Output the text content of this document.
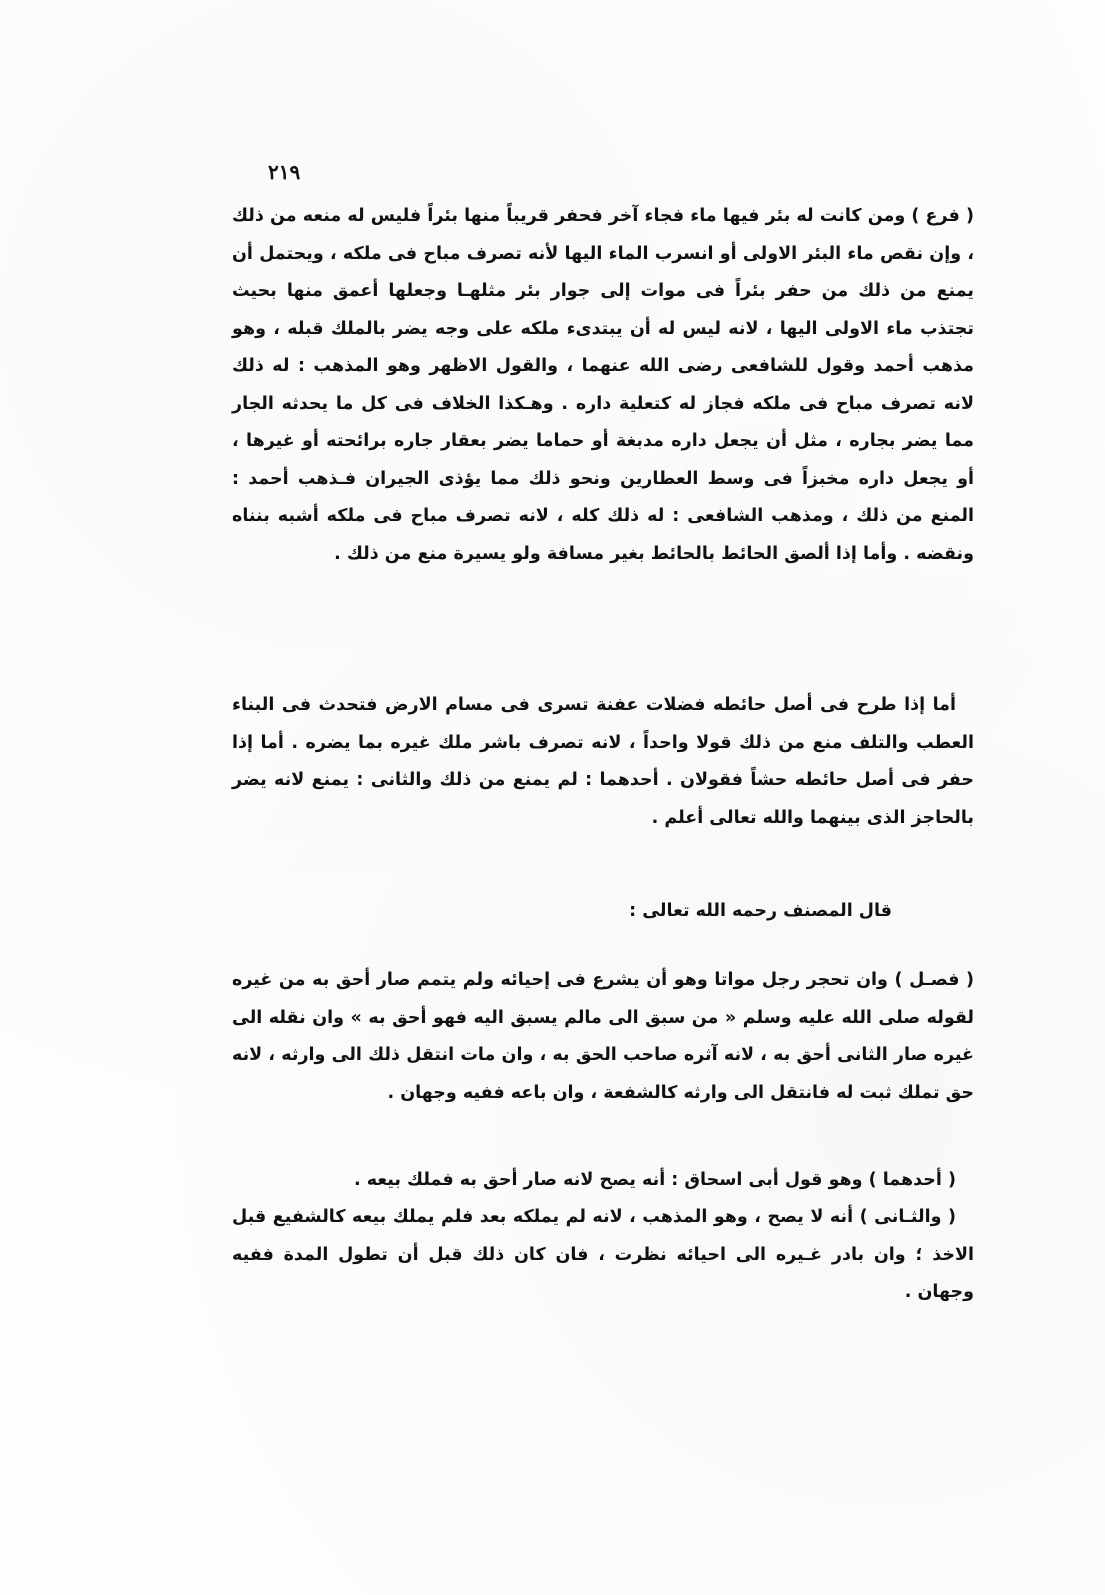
٢١٩

( فرع ) ومن كانت له بئر فيها ماء فجاء آخر فحفر قريباً منها بئراً فليس له منعه من ذلك ، وإن نقص ماء البئر الاولى أو انسرب الماء اليها لأنه تصرف مباح فى ملكه ، ويحتمل أن يمنع من ذلك من حفر بئراً فى موات إلى جوار بئر مثلهـا وجعلها أعمق منها بحيث تجتذب ماء الاولى اليها ، لانه ليس له أن يبتدىء ملكه على وجه يضر بالملك قبله ، وهو مذهب أحمد وقول للشافعى رضى الله عنهما ، والقول الاظهر وهو المذهب : له ذلك لانه تصرف مباح فى ملكه فجاز له كتعلية داره . وهـكذا الخلاف فى كل ما يحدثه الجار مما يضر بجاره ، مثل أن يجعل داره مدبغة أو حماما يضر بعقار جاره برائحته أو غيرها ، أو يجعل داره مخبزاً فى وسط العطارين ونحو ذلك مما يؤذى الجيران فـذهب أحمد : المنع من ذلك ، ومذهب الشافعى : له ذلك كله ، لانه تصرف مباح فى ملكه أشبه بنناه ونقضه . وأما إذا ألصق الحائط بالحائط بغير مسافة ولو يسيرة منع من ذلك .

أما إذا طرح فى أصل حائطه فضلات عفنة تسرى فى مسام الارض فتحدث فى البناء العطب والتلف منع من ذلك قولا واحداً ، لانه تصرف باشر ملك غيره بما يضره . أما إذا حفر فى أصل حائطه حشاً فقولان . أحدهما : لم يمنع من ذلك والثانى : يمنع لانه يضر بالحاجز الذى بينهما والله تعالى أعلم .

قال المصنف رحمه الله تعالى :

( فصـل ) وان تحجر رجل مواتا وهو أن يشرع فى إحيائه ولم يتمم صار أحق به من غيره لقوله صلى الله عليه وسلم « من سبق الى مالم يسبق اليه فهو أحق به » وان نقله الى غيره صار الثانى أحق به ، لانه آثره صاحب الحق به ، وان مات انتقل ذلك الى وارثه ، لانه حق تملك ثبت له فانتقل الى وارثه كالشفعة ، وان باعه ففيه وجهان .

( أحدهما ) وهو قول أبى اسحاق : أنه يصح لانه صار أحق به فملك بيعه .

( والثـانى ) أنه لا يصح ، وهو المذهب ، لانه لم يملكه بعد فلم يملك بيعه كالشفيع قبل الاخذ ؛ وان بادر غـيره الى احيائه نظرت ، فان كان ذلك قبل أن تطول المدة ففيه وجهان .
